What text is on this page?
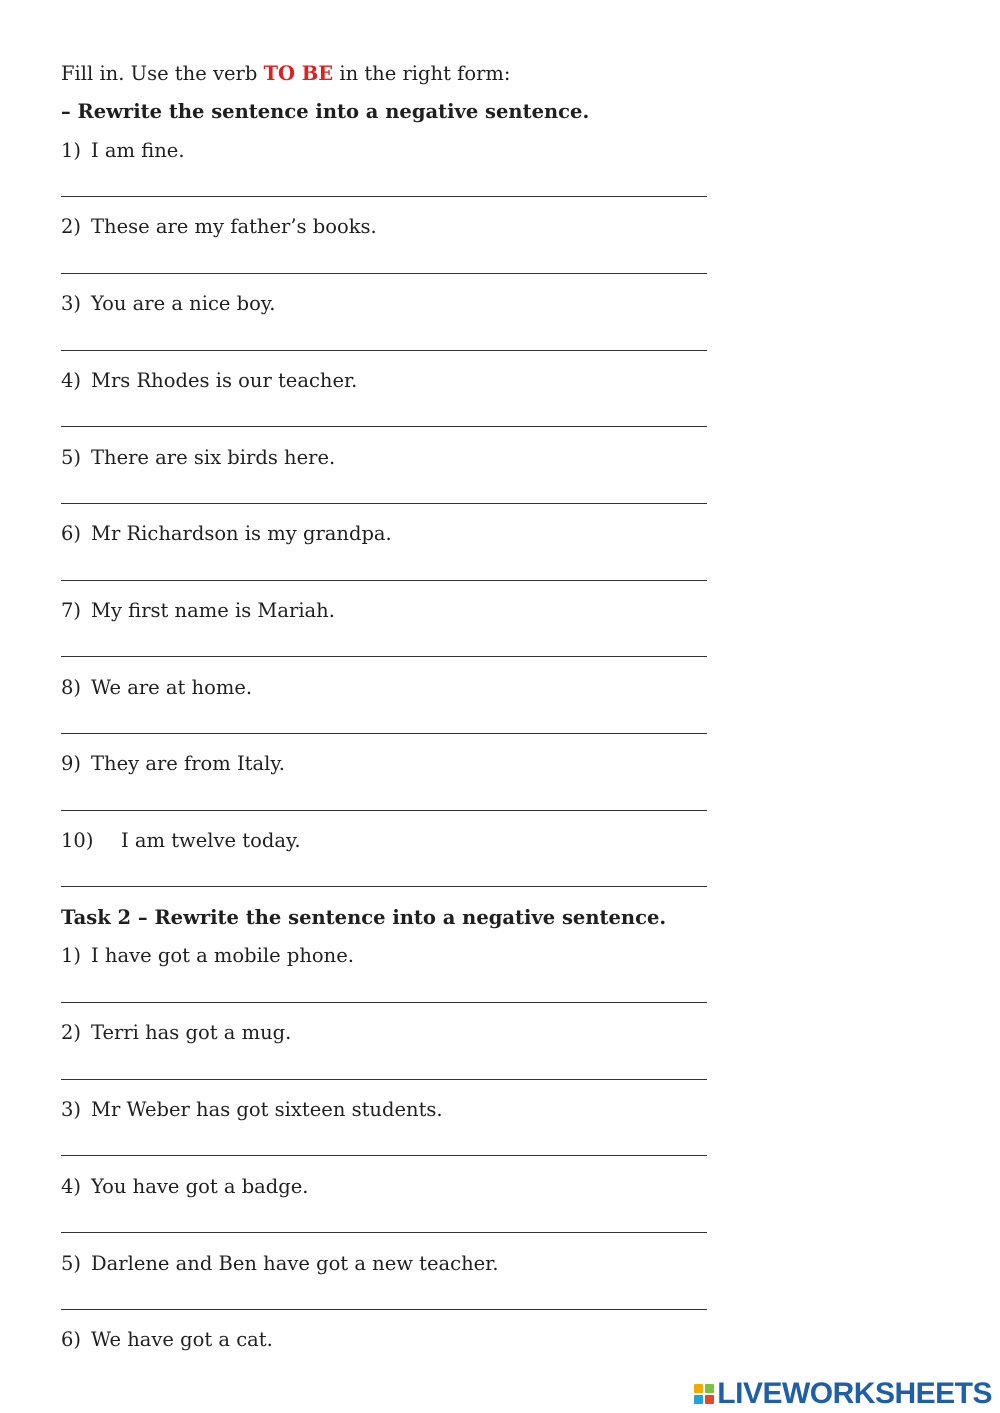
Fill in. Use the verb TO BE in the right form:
– Rewrite the sentence into a negative sentence.
1) I am fine.
2) These are my father’s books.
3) You are a nice boy.
4) Mrs Rhodes is our teacher.
5) There are six birds here.
6) Mr Richardson is my grandpa.
7) My first name is Mariah.
8) We are at home.
9) They are from Italy.
10) I am twelve today.
Task 2 – Rewrite the sentence into a negative sentence.
1) I have got a mobile phone.
2) Terri has got a mug.
3) Mr Weber has got sixteen students.
4) You have got a badge.
5) Darlene and Ben have got a new teacher.
6) We have got a cat.
LIVEWORKSHEETS
